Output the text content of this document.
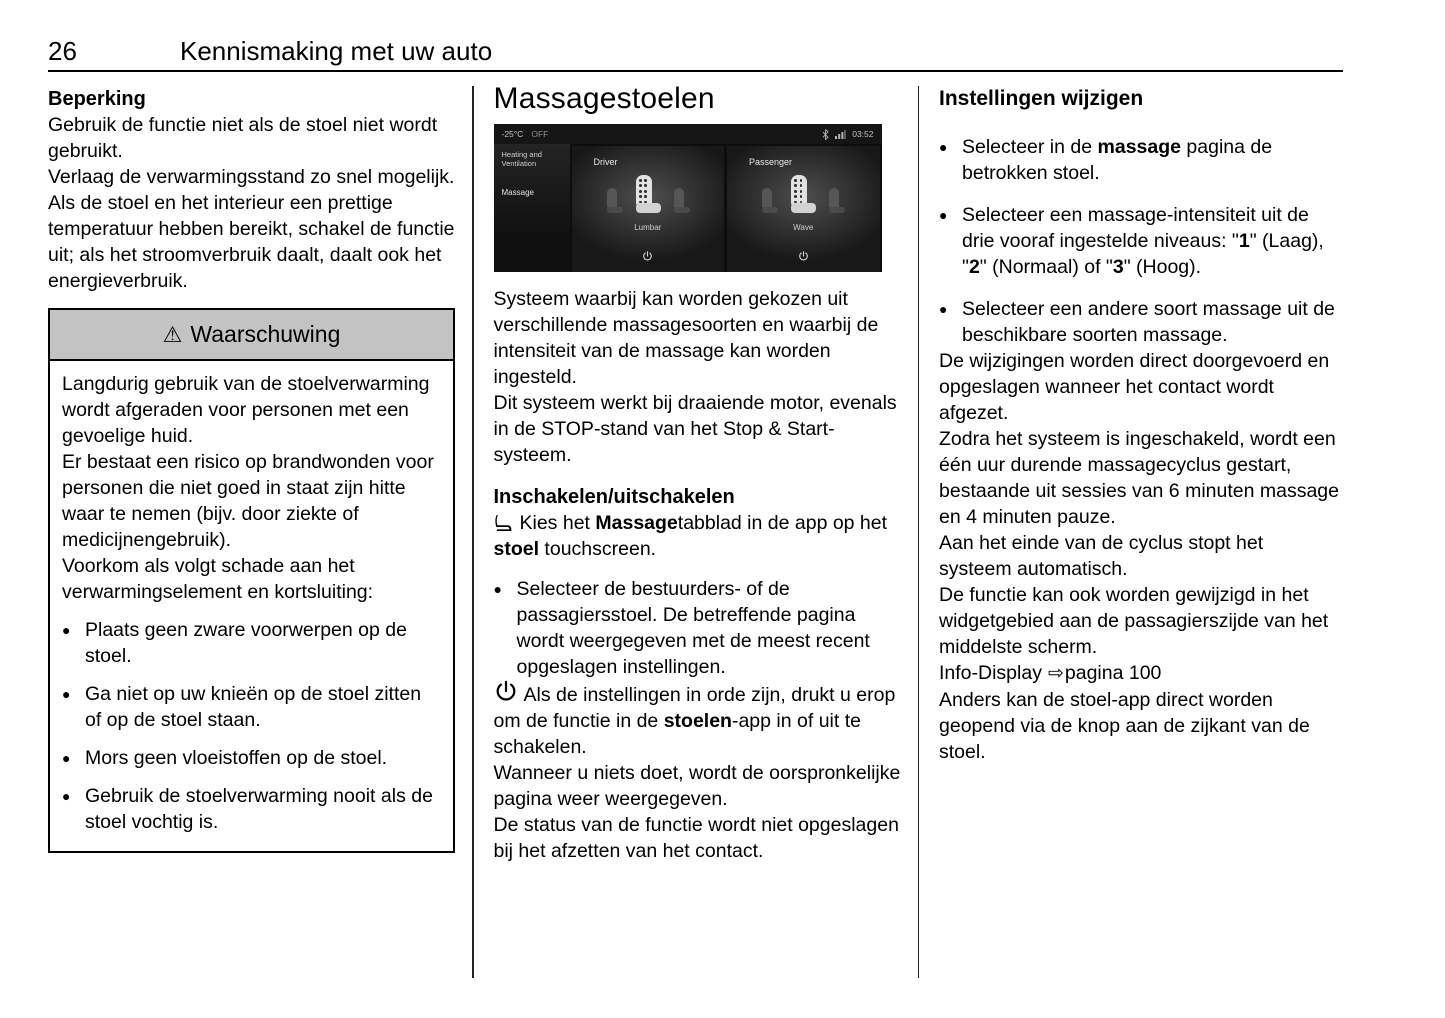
26	Kennismaking met uw auto
Beperking

Gebruik de functie niet als de stoel niet wordt gebruikt.

Verlaag de verwarmingsstand zo snel mogelijk.

Als de stoel en het interieur een prettige temperatuur hebben bereikt, schakel de functie uit; als het stroomverbruik daalt, daalt ook het energieverbruik.

⚠ Waarschuwing

Langdurig gebruik van de stoelverwarming wordt afgeraden voor personen met een gevoelige huid.

Er bestaat een risico op brandwonden voor personen die niet goed in staat zijn hitte waar te nemen (bijv. door ziekte of medicijnengebruik).

Voorkom als volgt schade aan het verwarmingselement en kortsluiting:

● Plaats geen zware voorwerpen op de stoel.
● Ga niet op uw knieën op de stoel zitten of op de stoel staan.
● Mors geen vloeistoffen op de stoel.
● Gebruik de stoelverwarming nooit als de stoel vochtig is.
Massagestoelen
-25°C OFF	03:52
Heating and Ventilation
Massage
Driver
Lumbar
Passenger
Wave

Systeem waarbij kan worden gekozen uit verschillende massagesoorten en waarbij de intensiteit van de massage kan worden ingesteld.

Dit systeem werkt bij draaiende motor, evenals in de STOP-stand van het Stop & Start-systeem.

Inschakelen/uitschakelen

Kies het Massagetabblad in de app op het stoel touchscreen.

● Selecteer de bestuurders- of de passagiersstoel. De betreffende pagina wordt weergegeven met de meest recent opgeslagen instellingen.

Als de instellingen in orde zijn, drukt u erop om de functie in de stoelen-app in of uit te schakelen.

Wanneer u niets doet, wordt de oorspronkelijke pagina weer weergegeven.

De status van de functie wordt niet opgeslagen bij het afzetten van het contact.

Instellingen wijzigen
● Selecteer in de massage pagina de betrokken stoel.
● Selecteer een massage-intensiteit uit de drie vooraf ingestelde niveaus: "1" (Laag), "2" (Normaal) of "3" (Hoog).
● Selecteer een andere soort massage uit de beschikbare soorten massage.

De wijzigingen worden direct doorgevoerd en opgeslagen wanneer het contact wordt afgezet.

Zodra het systeem is ingeschakeld, wordt een één uur durende massagecyclus gestart, bestaande uit sessies van 6 minuten massage en 4 minuten pauze.

Aan het einde van de cyclus stopt het systeem automatisch.

De functie kan ook worden gewijzigd in het widgetgebied aan de passagierszijde van het middelste scherm.

Info-Display ⇨pagina 100

Anders kan de stoel-app direct worden geopend via de knop aan de zijkant van de stoel.
